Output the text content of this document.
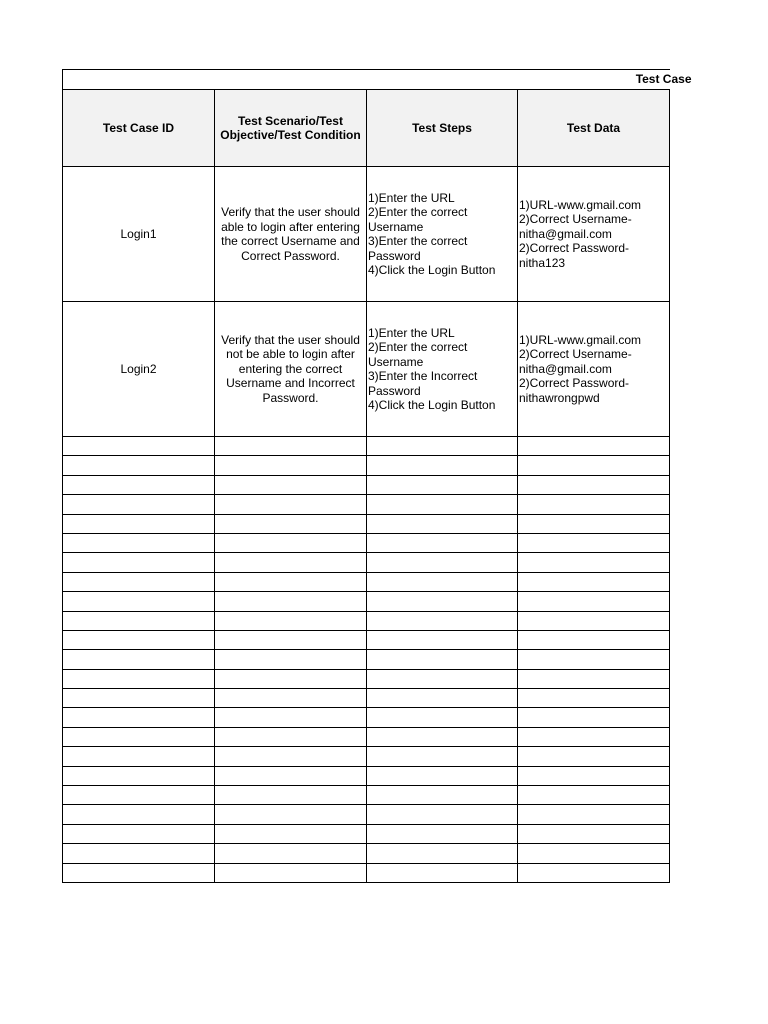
Test Case			
Test Case ID	Test Scenario/Test Objective/Test Condition	Test Steps	Test Data
Login1	Verify that the user should able to login after entering the correct Username and Correct Password.	1)Enter the URL
2)Enter the correct Username
3)Enter the correct Password
4)Click the Login Button	1)URL-www.gmail.com
2)Correct Username-nitha@gmail.com
2)Correct Password-nitha123

Login2	Verify that the user should not be able to login after entering the correct Username and Incorrect Password.	1)Enter the URL
2)Enter the correct Username
3)Enter the Incorrect Password
4)Click the Login Button	1)URL-www.gmail.com
2)Correct Username-nitha@gmail.com
2)Correct Password-nithawrongpwd
